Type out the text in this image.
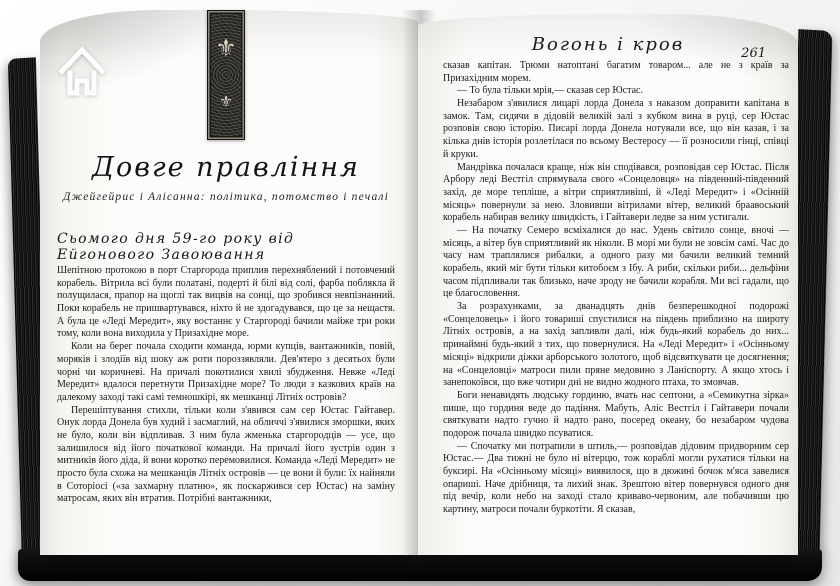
⚜
⚜
Довге правління
Джейгейрис і Алісанна: політика, потомство і печалі
Сьомого дня 59-го року від Ейгонового Завоювання

Шепітною протокою в порт Старгорода приплив перехняблений і потовчений корабель. Вітрила всі були полатані, подерті й білі від солі, фарба поблякла й полущилася, прапор на щоглі так вицвів на сонці, що зробився невпізнанний. Поки корабель не пришвартувався, ніхто й не здогадувався, що це за нещастя. А була це «Леді Мередит», яку востаннє у Старгороді бачили майже три роки тому, коли вона виходила у Призахідне море.

Коли на берег почала сходити команда, юрми купців, вантажників, повій, моряків і злодіїв від шоку аж роти пороззявляли. Дев'ятеро з десятьох були чорні чи коричневі. На причалі покотилися хвилі збудження. Невже «Леді Мередит» вдалося перетнути Призахідне море? То люди з казкових країв на далекому заході такі самі темношкірі, як мешканці Літніх островів?

Перешіптування стихли, тільки коли з'явився сам сер Юстас Гайтавер. Онук лорда Донела був худий і засмаглий, на обличчі з'явилися зморшки, яких не було, коли він відпливав. З ним була жменька старгородців — усе, що залишилося від його початкової команди. На причалі його зустрів один з митників його діда, й вони коротко перемовилися. Команда «Леді Мередит» не просто була схожа на мешканців Літніх островів — це вони й були: їх найняли в Соторіосі («за захмарну платню», як поскаржився сер Юстас) на заміну матросам, яких він втратив. Потрібні вантажники,

Вогонь і кров	261

сказав капітан. Трюми натоптані багатим товаром... але не з країв за Призахідним морем.

— То була тільки мрія,— сказав сер Юстас.

Незабаром з'явилися лицарі лорда Донела з наказом доправити капітана в замок. Там, сидячи в дідовій великій залі з кубком вина в руці, сер Юстас розповів свою історію. Писарі лорда Донела нотували все, що він казав, і за кілька днів історія розлетілася по всьому Вестеросу — її розносили гінці, співці й круки.

Мандрівка почалася краще, ніж він сподівався, розповідав сер Юстас. Після Арбору леді Вестгіл спрямувала свого «Сонцеловця» на південний-південний захід, де море тепліше, а вітри сприятливіші, й «Леді Мередит» і «Осінній місяць» повернули за нею. Зловивши вітрилами вітер, великий браавоський корабель набирав велику швидкість, і Гайтавери ледве за ним устигали.

— На початку Семеро всміхалися до нас. Удень світило сонце, вночі — місяць, а вітер був сприятливий як ніколи. В морі ми були не зовсім самі. Час до часу нам траплялися рибалки, а одного разу ми бачили великий темний корабель, який міг бути тільки китобоєм з Ібу. А риби, скільки риби... дельфіни часом підпливали так близько, наче зроду не бачили корабля. Ми всі гадали, що це благословення.

За розрахунками, за дванадцять днів безперешкодної подорожі «Сонцеловець» і його товариші спустилися на південь приблизно на широту Літніх островів, а на захід запливли далі, ніж будь-який корабель до них... принаймні будь-який з тих, що повернулися. На «Леді Мередит» і «Осінньому місяці» відкрили діжки арборського золотого, щоб відсвяткувати це досягнення; на «Сонцеловці» матроси пили пряне медовино з Ланіспорту. А якщо хтось і занепокоївся, що вже чотири дні не видно жодного птаха, то змовчав.

Боги ненавидять людську гординю, вчать нас септони, а «Семикутна зірка» пише, що гординя веде до падіння. Мабуть, Аліс Вестгіл і Гайтавери почали святкувати надто гучно й надто рано, посеред океану, бо незабаром чудова подорож почала швидко псуватися.

— Спочатку ми потрапили в штиль,— розповідав дідовим придворним сер Юстас.— Два тижні не було ні вітерцю, тож кораблі могли рухатися тільки на буксирі. На «Осінньому місяці» виявилося, що в дюжині бочок м'яса завелися опариші. Наче дрібниця, та лихий знак. Зрештою вітер повернувся одного дня під вечір, коли небо на заході стало криваво-червоним, але побачивши цю картину, матроси почали буркотіти. Я сказав,
